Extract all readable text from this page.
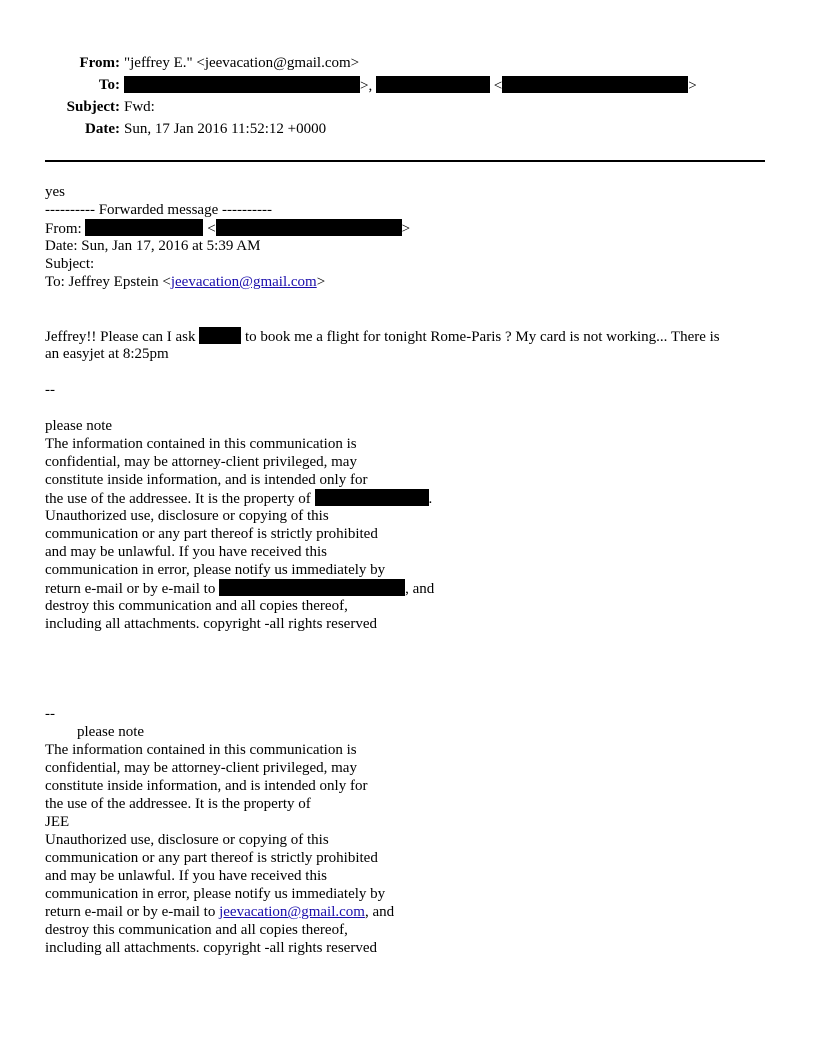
From: "jeffrey E." <jeevacation@gmail.com>
To:	>,	<	>
Subject: Fwd:
Date: Sun, 17 Jan 2016 11:52:12 +0000
yes
---------- Forwarded message ----------
From:	<	>
Date: Sun, Jan 17, 2016 at 5:39 AM
Subject:
To: Jeffrey Epstein <jeevacation@gmail.com>
Jeffrey!! Please can I ask	to book me a flight for tonight Rome-Paris ? My card is not working... There is
an easyjet at 8:25pm
--
please note
The information contained in this communication is
confidential, may be attorney-client privileged, may
constitute inside information, and is intended only for
the use of the addressee. It is the property of	.
Unauthorized use, disclosure or copying of this
communication or any part thereof is strictly prohibited
and may be unlawful. If you have received this
communication in error, please notify us immediately by
return e-mail or by e-mail to	, and
destroy this communication and all copies thereof,
including all attachments. copyright -all rights reserved
--
please note
The information contained in this communication is
confidential, may be attorney-client privileged, may
constitute inside information, and is intended only for
the use of the addressee. It is the property of
JEE
Unauthorized use, disclosure or copying of this
communication or any part thereof is strictly prohibited
and may be unlawful. If you have received this
communication in error, please notify us immediately by
return e-mail or by e-mail to jeevacation@gmail.com, and
destroy this communication and all copies thereof,
including all attachments. copyright -all rights reserved
